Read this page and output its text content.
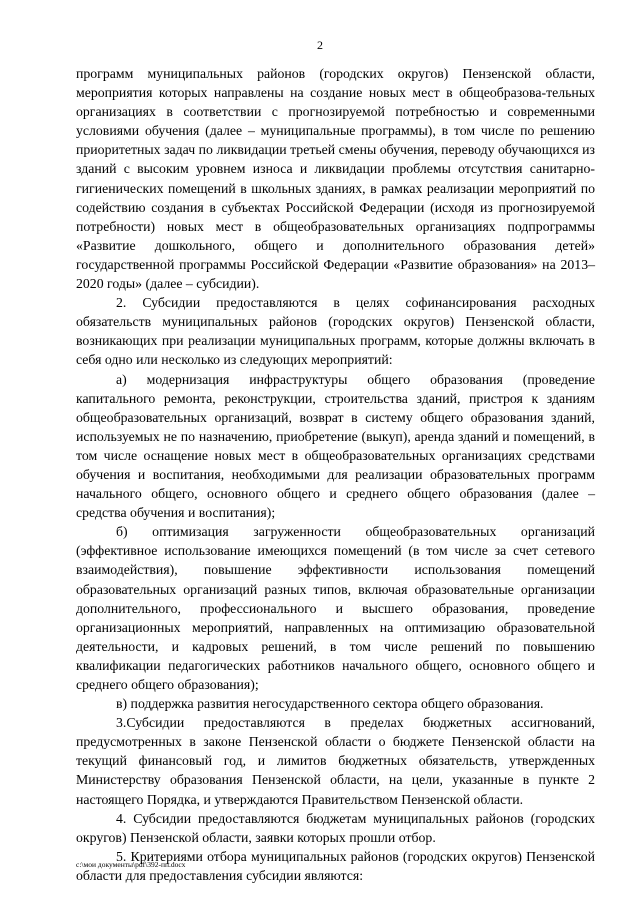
2

программ муниципальных районов (городских округов) Пензенской области, мероприятия которых направлены на создание новых мест в общеобразова-тельных организациях в соответствии с прогнозируемой потребностью и современными условиями обучения (далее – муниципальные программы), в том числе по решению приоритетных задач по ликвидации третьей смены обучения, переводу обучающихся из зданий с высоким уровнем износа и ликвидации проблемы отсутствия санитарно-гигиенических помещений в школьных зданиях, в рамках реализации мероприятий по содействию создания в субъектах Российской Федерации (исходя из прогнозируемой потребности) новых мест в общеобразовательных организациях подпрограммы «Развитие дошкольного, общего и дополнительного образования детей» государственной программы Российской Федерации «Развитие образования» на 2013–2020 годы» (далее – субсидии).

2. Субсидии предоставляются в целях софинансирования расходных обязательств муниципальных районов (городских округов) Пензенской области, возникающих при реализации муниципальных программ, которые должны включать в себя одно или несколько из следующих мероприятий:

а) модернизация инфраструктуры общего образования (проведение капитального ремонта, реконструкции, строительства зданий, пристроя к зданиям общеобразовательных организаций, возврат в систему общего образования зданий, используемых не по назначению, приобретение (выкуп), аренда зданий и помещений, в том числе оснащение новых мест в общеобразовательных организациях средствами обучения и воспитания, необходимыми для реализации образовательных программ начального общего, основного общего и среднего общего образования (далее – средства обучения и воспитания);

б) оптимизация загруженности общеобразовательных организаций (эффективное использование имеющихся помещений (в том числе за счет сетевого взаимодействия), повышение эффективности использования помещений образовательных организаций разных типов, включая образовательные организации дополнительного, профессионального и высшего образования, проведение организационных мероприятий, направленных на оптимизацию образовательной деятельности, и кадровых решений, в том числе решений по повышению квалификации педагогических работников начального общего, основного общего и среднего общего образования);

в) поддержка развития негосударственного сектора общего образования.

3.Субсидии предоставляются в пределах бюджетных ассигнований, предусмотренных в законе Пензенской области о бюджете Пензенской области на текущий финансовый год, и лимитов бюджетных обязательств, утвержденных Министерству образования Пензенской области, на цели, указанные в пункте 2 настоящего Порядка, и утверждаются Правительством Пензенской области.

4. Субсидии предоставляются бюджетам муниципальных районов (городских округов) Пензенской области, заявки которых прошли отбор.

5. Критериями отбора муниципальных районов (городских округов) Пензенской области для предоставления субсидии являются:

c:\мои документы\pdf\392-пп.docx
